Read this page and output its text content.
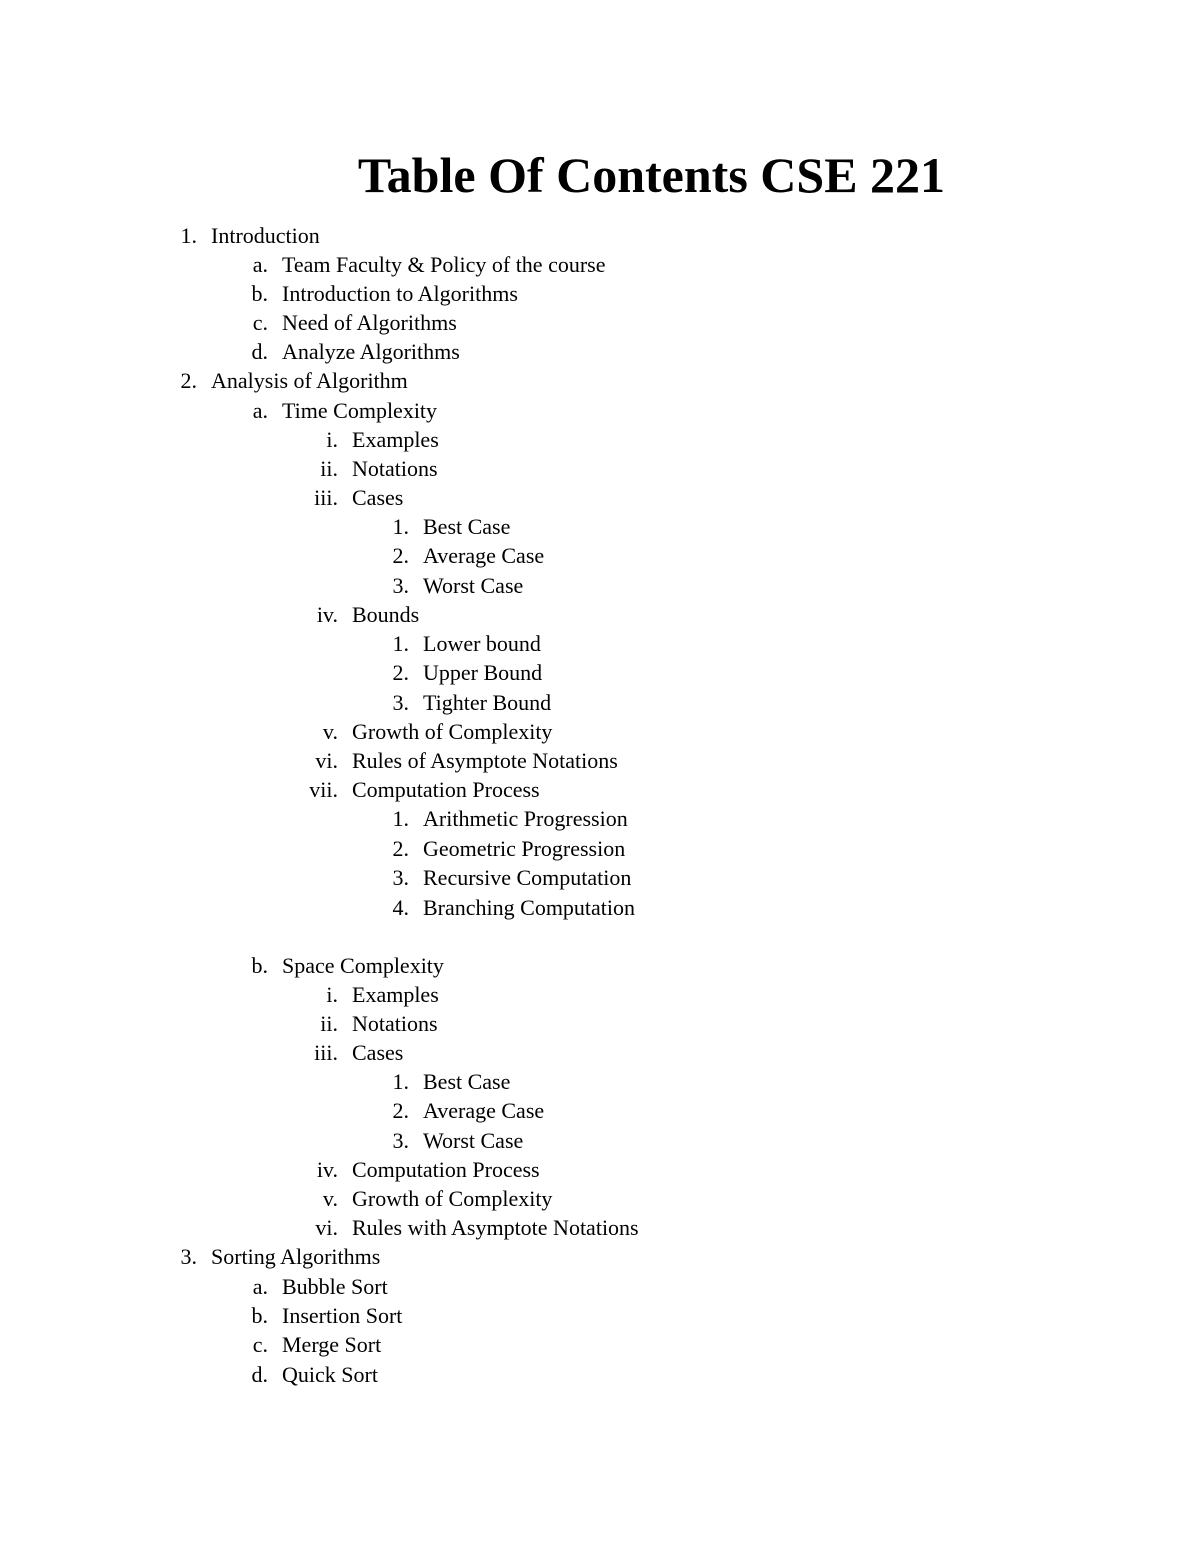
Table Of Contents CSE 221
1. Introduction
a. Team Faculty & Policy of the course
b. Introduction to Algorithms
c. Need of Algorithms
d. Analyze Algorithms
2. Analysis of Algorithm
a. Time Complexity
i. Examples
ii. Notations
iii. Cases
1. Best Case
2. Average Case
3. Worst Case
iv. Bounds
1. Lower bound
2. Upper Bound
3. Tighter Bound
v. Growth of Complexity
vi. Rules of Asymptote Notations
vii. Computation Process
1. Arithmetic Progression
2. Geometric Progression
3. Recursive Computation
4. Branching Computation
b. Space Complexity
i. Examples
ii. Notations
iii. Cases
1. Best Case
2. Average Case
3. Worst Case
iv. Computation Process
v. Growth of Complexity
vi. Rules with Asymptote Notations
3. Sorting Algorithms
a. Bubble Sort
b. Insertion Sort
c. Merge Sort
d. Quick Sort
